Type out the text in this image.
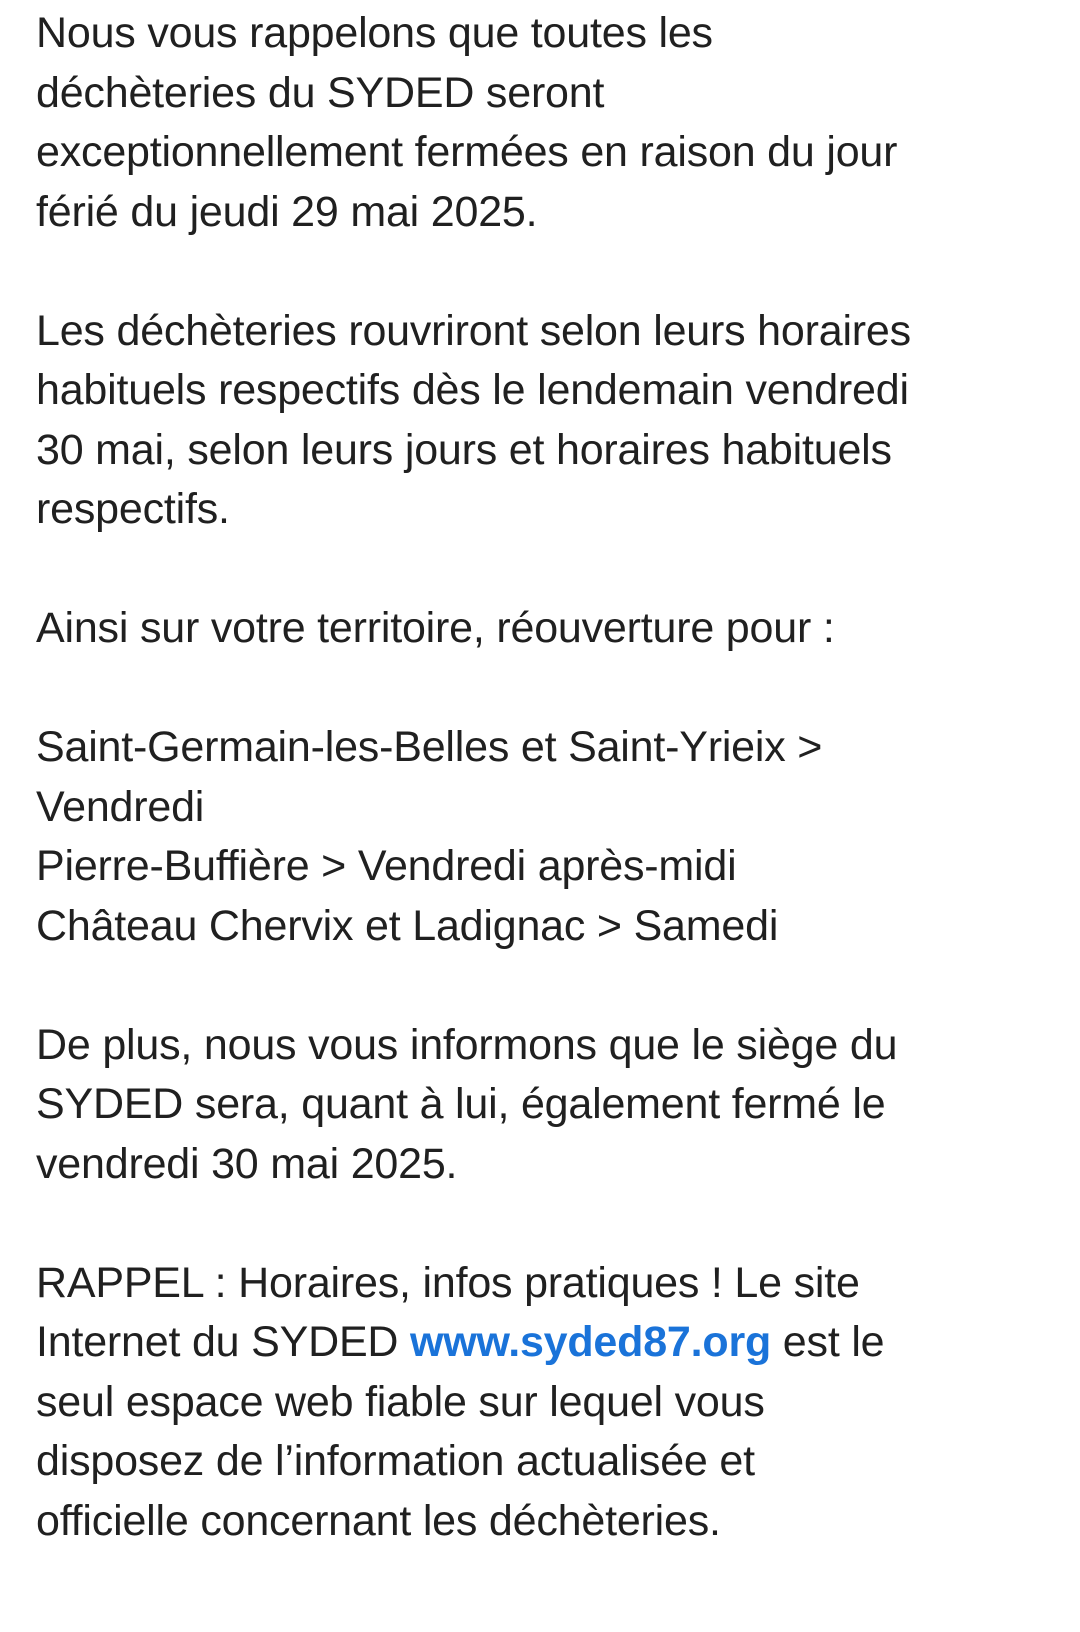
Nous vous rappelons que toutes les
déchèteries du SYDED seront
exceptionnellement fermées en raison du jour
férié du jeudi 29 mai 2025.
Les déchèteries rouvriront selon leurs horaires
habituels respectifs dès le lendemain vendredi
30 mai, selon leurs jours et horaires habituels
respectifs.
Ainsi sur votre territoire, réouverture pour :
Saint-Germain-les-Belles et Saint-Yrieix >
Vendredi
Pierre-Buffière > Vendredi après-midi
Château Chervix et Ladignac > Samedi
De plus, nous vous informons que le siège du
SYDED sera, quant à lui, également fermé le
vendredi 30 mai 2025.
RAPPEL : Horaires, infos pratiques ! Le site
Internet du SYDED www.syded87.org est le
seul espace web fiable sur lequel vous
disposez de l’information actualisée et
officielle concernant les déchèteries.
